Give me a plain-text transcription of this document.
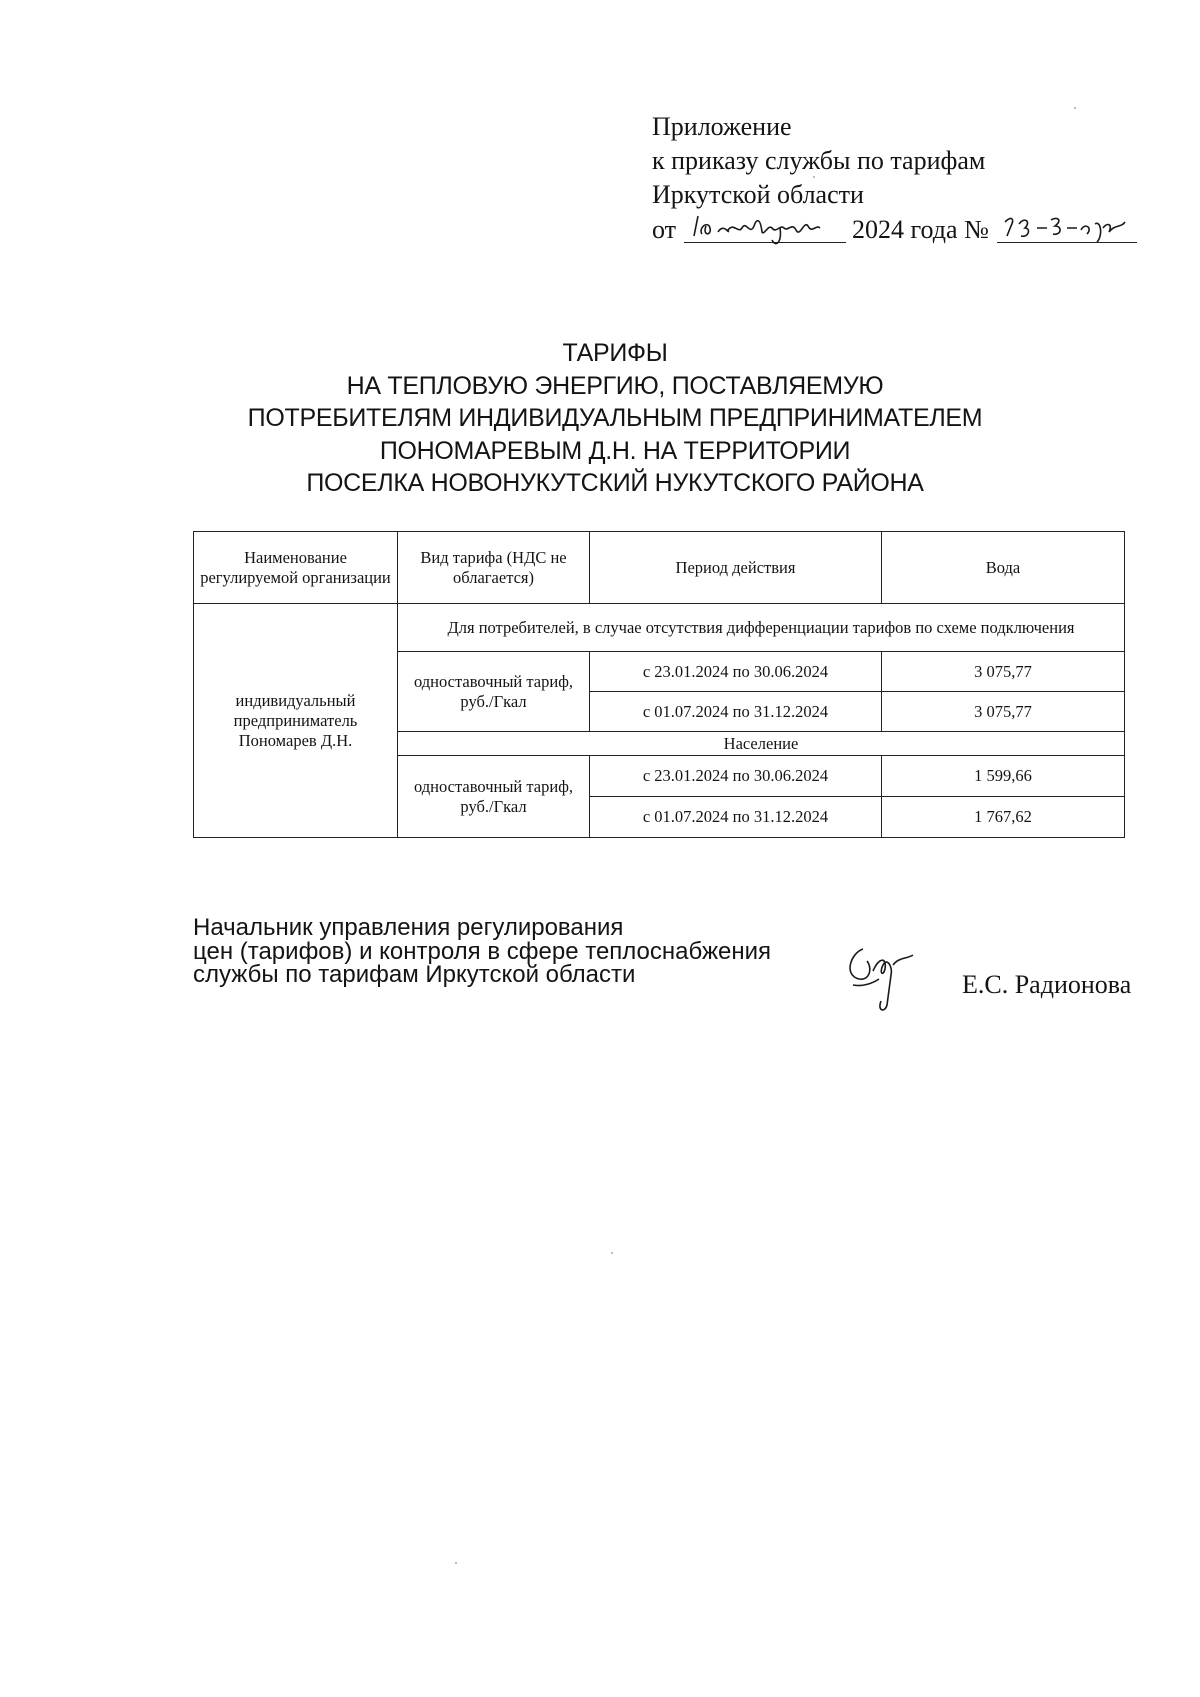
Приложение
к приказу службы по тарифам
Иркутской области
от	2024 года №
ТАРИФЫ
НА ТЕПЛОВУЮ ЭНЕРГИЮ, ПОСТАВЛЯЕМУЮ
ПОТРЕБИТЕЛЯМ ИНДИВИДУАЛЬНЫМ ПРЕДПРИНИМАТЕЛЕМ
ПОНОМАРЕВЫМ Д.Н. НА ТЕРРИТОРИИ
ПОСЕЛКА НОВОНУКУТСКИЙ НУКУТСКОГО РАЙОНА
Наименование регулируемой организации	Вид тарифа (НДС не облагается)	Период действия	Вода
индивидуальный предприниматель Пономарев Д.Н.	Для потребителей, в случае отсутствия дифференциации тарифов по схеме подключения		
	одноставочный тариф, руб./Гкал	с 23.01.2024 по 30.06.2024	3 075,77
		с 01.07.2024 по 31.12.2024	3 075,77
	Население		
	одноставочный тариф, руб./Гкал	с 23.01.2024 по 30.06.2024	1 599,66
		с 01.07.2024 по 31.12.2024	1 767,62
Начальник управления регулирования
цен (тарифов) и контроля в сфере теплоснабжения
службы по тарифам Иркутской области	Е.С. Радионова
